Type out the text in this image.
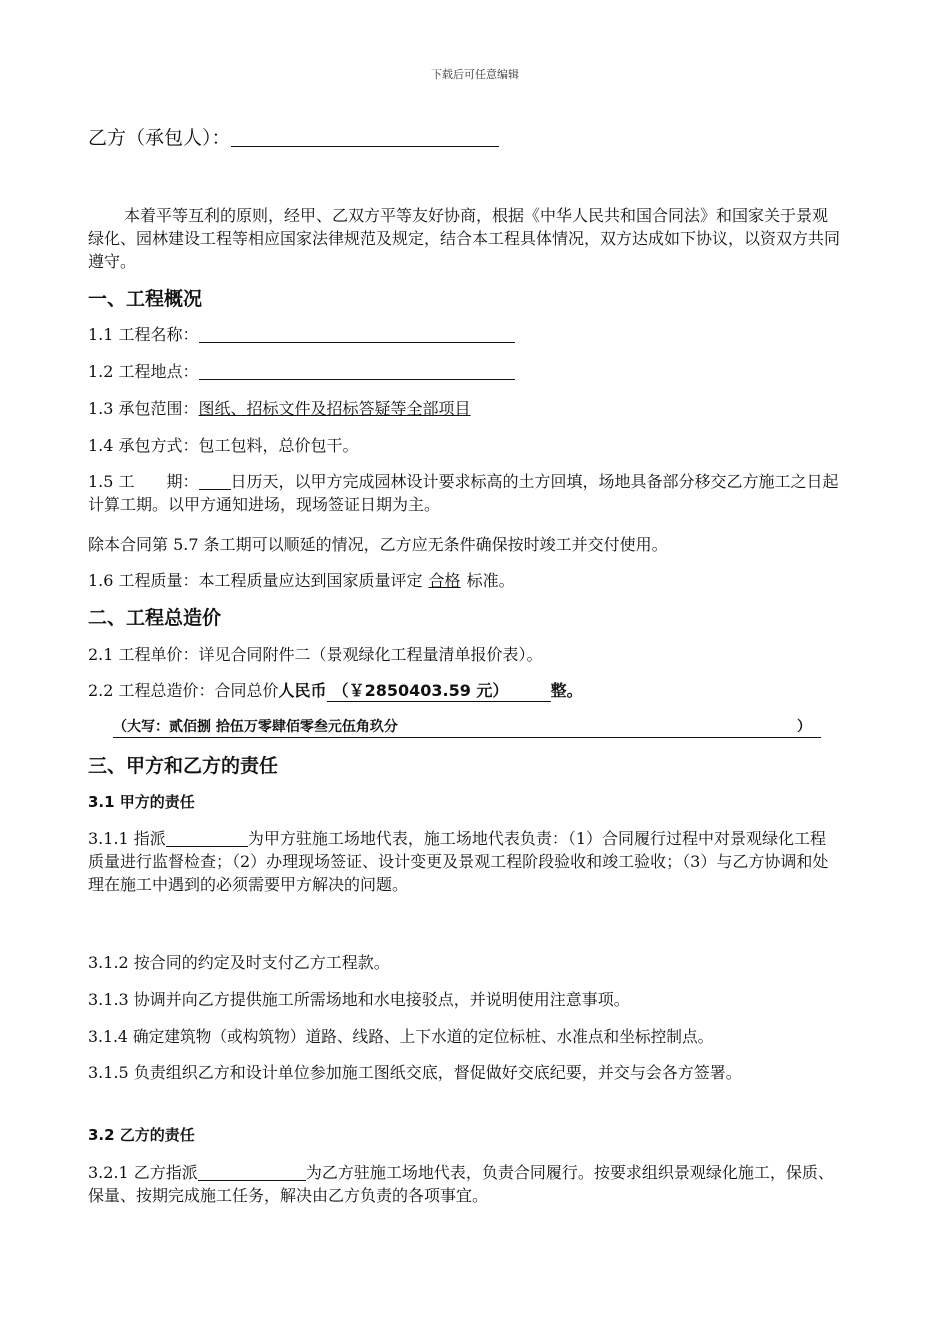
下载后可任意编辑
乙方（承包人）：
本着平等互利的原则，经甲、乙双方平等友好协商，根据《中华人民共和国合同法》和国家关于景观绿化、园林建设工程等相应国家法律规范及规定，结合本工程具体情况，双方达成如下协议，以资双方共同遵守。
一、工程概况
1.1 工程名称：
1.2 工程地点：
1.3 承包范围：图纸、招标文件及招标答疑等全部项目
1.4 承包方式：包工包料，总价包干。
1.5 工　　期： 日历天，以甲方完成园林设计要求标高的土方回填，场地具备部分移交乙方施工之日起计算工期。以甲方通知进场，现场签证日期为主。
除本合同第 5.7 条工期可以顺延的情况，乙方应无条件确保按时竣工并交付使用。
1.6 工程质量：本工程质量应达到国家质量评定 合格 标准。
二、工程总造价
2.1 工程单价：详见合同附件二（景观绿化工程量清单报价表）。
2.2 工程总造价：合同总价人民币 （￥2850403.59 元）	整。
（大写：贰佰捌 拾伍万零肆佰零叁元伍角玖分	）
三、甲方和乙方的责任
3.1 甲方的责任
3.1.1 指派	为甲方驻施工场地代表，施工场地代表负责：（1）合同履行过程中对景观绿化工程质量进行监督检查；（2）办理现场签证、设计变更及景观工程阶段验收和竣工验收；（3）与乙方协调和处理在施工中遇到的必须需要甲方解决的问题。
3.1.2 按合同的约定及时支付乙方工程款。
3.1.3 协调并向乙方提供施工所需场地和水电接驳点，并说明使用注意事项。
3.1.4 确定建筑物（或构筑物）道路、线路、上下水道的定位标桩、水准点和坐标控制点。
3.1.5 负责组织乙方和设计单位参加施工图纸交底，督促做好交底纪要，并交与会各方签署。
3.2 乙方的责任
3.2.1 乙方指派	为乙方驻施工场地代表，负责合同履行。按要求组织景观绿化施工，保质、保量、按期完成施工任务，解决由乙方负责的各项事宜。
